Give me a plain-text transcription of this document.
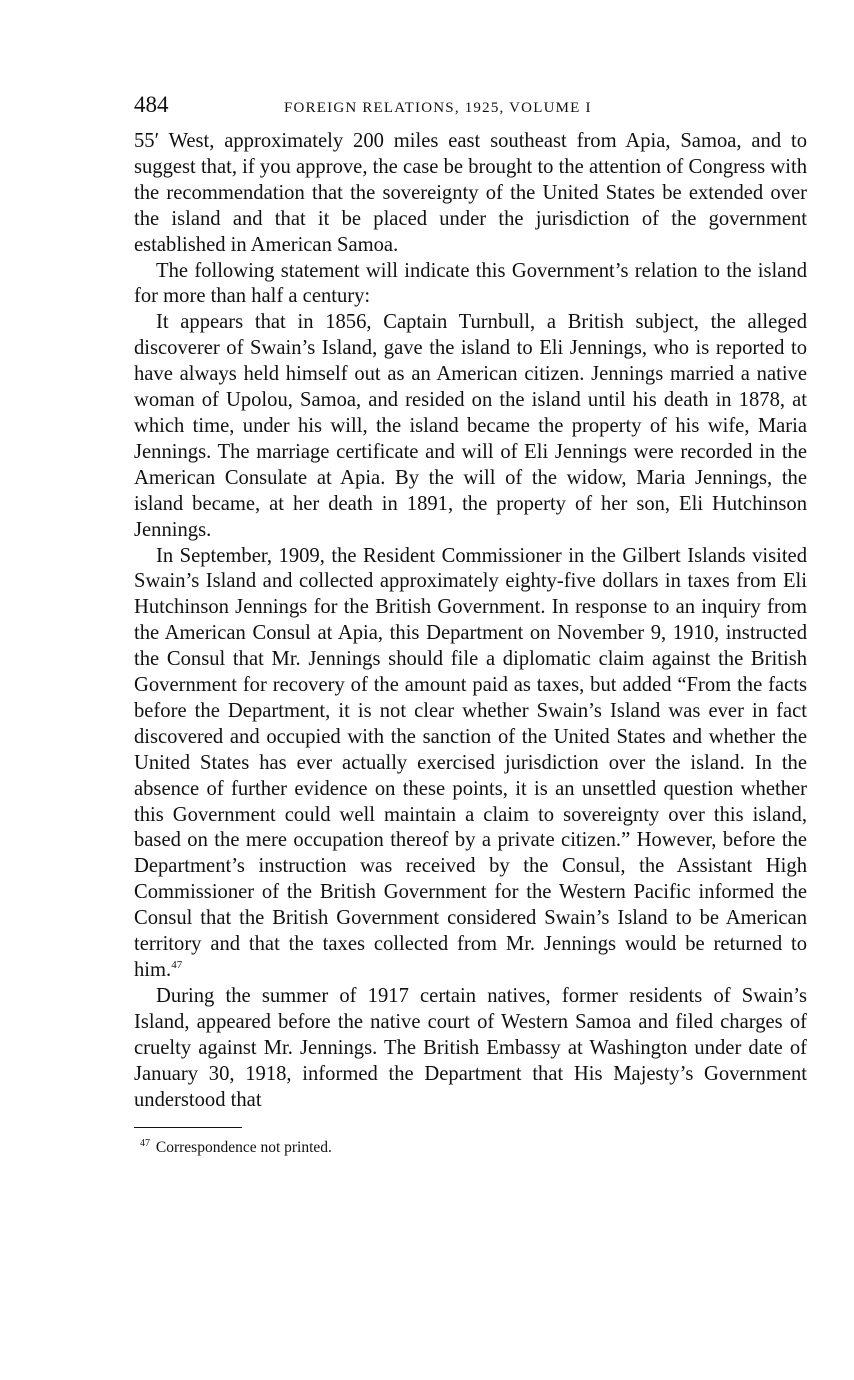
484	FOREIGN RELATIONS, 1925, VOLUME I

55′ West, approximately 200 miles east southeast from Apia, Samoa, and to suggest that, if you approve, the case be brought to the attention of Congress with the recommendation that the sovereignty of the United States be extended over the island and that it be placed under the jurisdiction of the government established in American Samoa.

The following statement will indicate this Government’s relation to the island for more than half a century:

It appears that in 1856, Captain Turnbull, a British subject, the alleged discoverer of Swain’s Island, gave the island to Eli Jennings, who is reported to have always held himself out as an American citizen. Jennings married a native woman of Upolou, Samoa, and resided on the island until his death in 1878, at which time, under his will, the island became the property of his wife, Maria Jennings. The marriage certificate and will of Eli Jennings were recorded in the American Consulate at Apia. By the will of the widow, Maria Jennings, the island became, at her death in 1891, the property of her son, Eli Hutchinson Jennings.

In September, 1909, the Resident Commissioner in the Gilbert Islands visited Swain’s Island and collected approximately eighty-five dollars in taxes from Eli Hutchinson Jennings for the British Government. In response to an inquiry from the American Consul at Apia, this Department on November 9, 1910, instructed the Consul that Mr. Jennings should file a diplomatic claim against the British Government for recovery of the amount paid as taxes, but added “From the facts before the Department, it is not clear whether Swain’s Island was ever in fact discovered and occupied with the sanction of the United States and whether the United States has ever actually exercised jurisdiction over the island. In the absence of further evidence on these points, it is an unsettled question whether this Government could well maintain a claim to sovereignty over this island, based on the mere occupation thereof by a private citizen.” However, before the Department’s instruction was received by the Consul, the Assistant High Commissioner of the British Government for the Western Pacific informed the Consul that the British Government considered Swain’s Island to be American territory and that the taxes collected from Mr. Jennings would be returned to him.$^{47}$

During the summer of 1917 certain natives, former residents of Swain’s Island, appeared before the native court of Western Samoa and filed charges of cruelty against Mr. Jennings. The British Embassy at Washington under date of January 30, 1918, informed the Department that His Majesty’s Government understood that

$^{47}$ Correspondence not printed.
